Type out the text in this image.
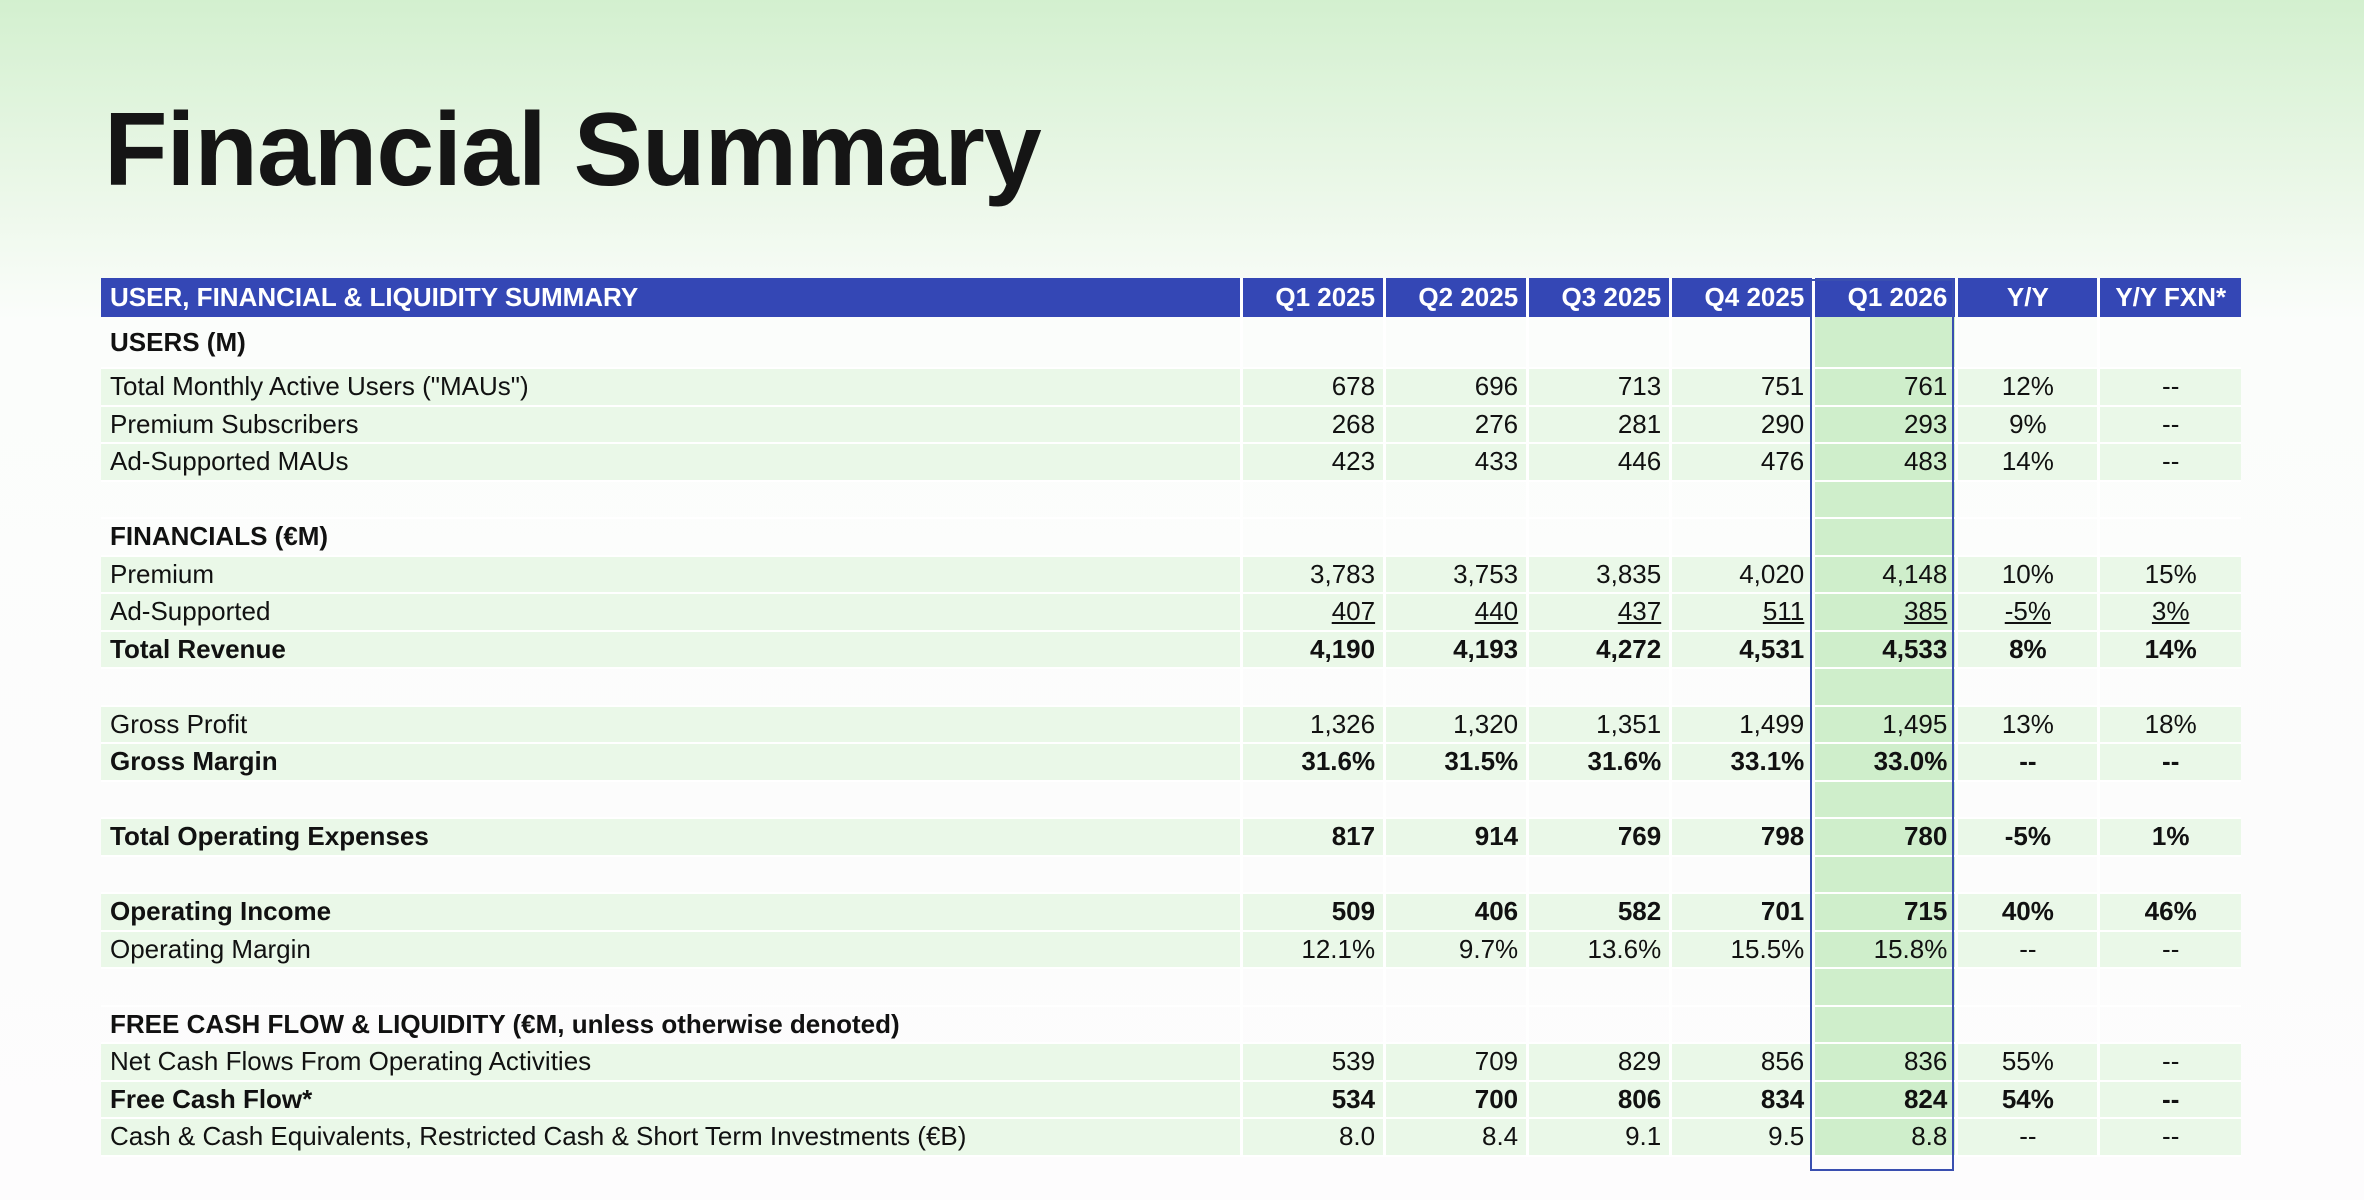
Financial Summary
USER, FINANCIAL & LIQUIDITY SUMMARY	Q1 2025	Q2 2025	Q3 2025	Q4 2025	Q1 2026	Y/Y	Y/Y FXN*
USERS (M)							
Total Monthly Active Users ("MAUs")	678	696	713	751	761	12%	--
Premium Subscribers	268	276	281	290	293	9%	--
Ad-Supported MAUs	423	433	446	476	483	14%	--

FINANCIALS (€M)							
Premium	3,783	3,753	3,835	4,020	4,148	10%	15%
Ad-Supported	407	440	437	511	385	-5%	3%
Total Revenue	4,190	4,193	4,272	4,531	4,533	8%	14%

Gross Profit	1,326	1,320	1,351	1,499	1,495	13%	18%
Gross Margin	31.6%	31.5%	31.6%	33.1%	33.0%	--	--

Total Operating Expenses	817	914	769	798	780	-5%	1%

Operating Income	509	406	582	701	715	40%	46%
Operating Margin	12.1%	9.7%	13.6%	15.5%	15.8%	--	--

FREE CASH FLOW & LIQUIDITY (€M, unless otherwise denoted)							
Net Cash Flows From Operating Activities	539	709	829	856	836	55%	--
Free Cash Flow*	534	700	806	834	824	54%	--
Cash & Cash Equivalents, Restricted Cash & Short Term Investments (€B)	8.0	8.4	9.1	9.5	8.8	--	--
